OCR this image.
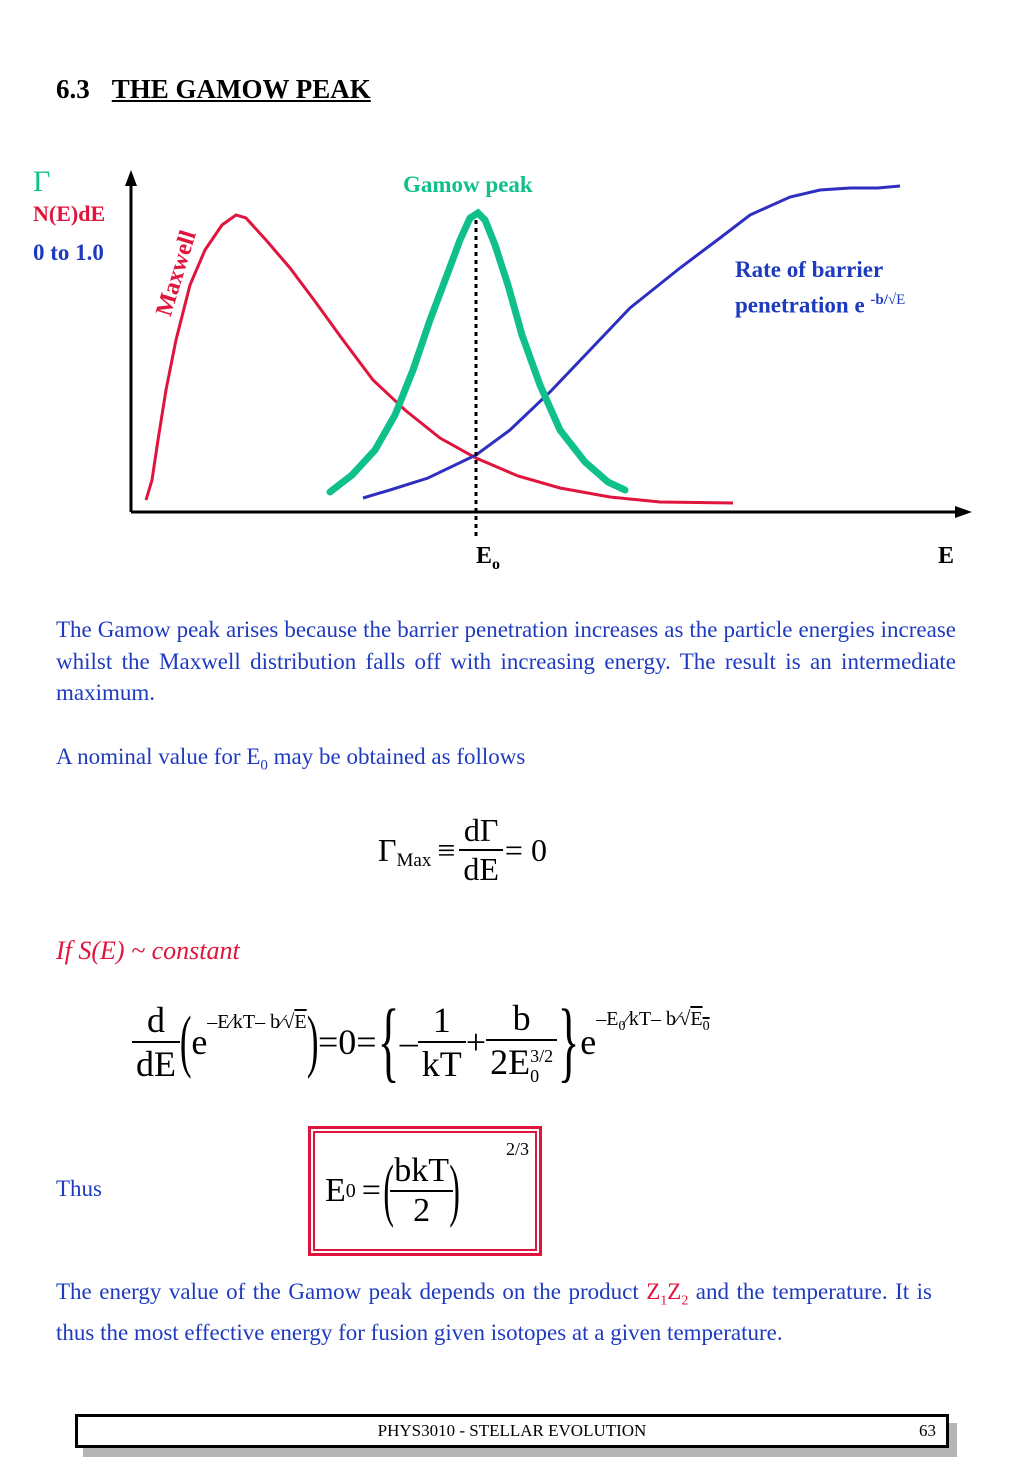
6.3 THE GAMOW PEAK
Γ
N(E)dE
0 to 1.0 Maxwell
Gamow peak
Rate of barrier
penetration e $^{-b/√E}$
$E_o$	E

The Gamow peak arises because the barrier penetration increases as the particle energies increase whilst the Maxwell distribution falls off with increasing energy. The result is an intermediate maximum.

A nominal value for $E_0$ may be obtained as follows

Γ Max ≡ $\frac{d\Gamma}{dE} = 0$
If S(E) ~ constant
$\frac{d}{dE}$ ( e –E⁄kT– b⁄√E ) =0= { – $\frac{1}{kT} + b$
2E 3/2
0 } e
$-E_0⁄kT-$ $b⁄√E_0$
Thus	E 0 = (
$\frac{\text{bkT}}{2}$
)
2/3

The energy value of the Gamow peak depends on the product $Z_1Z_2$ and the temperature. It is thus the most effective energy for fusion given isotopes at a given temperature.

PHYS3010 - STELLAR EVOLUTION	63
